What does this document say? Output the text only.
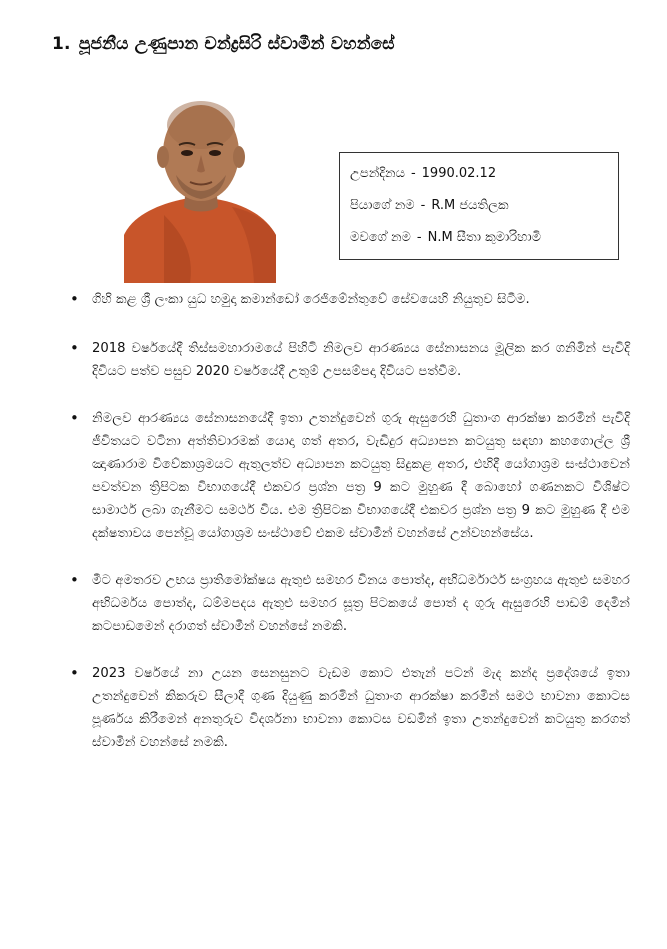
1. පූජනීය උණුපාන චන්ද්‍රසිරි ස්වාමීන් වහන්සේ
උපන්දිනය - 1990.02.12
පියාගේ නම - R.M ජයතිලක
මවගේ නම - N.M සීතා කුමාරිහාමි
• ගිහි කළ ශ්‍රී ලංකා යුධ හමුදා කමාන්ඩෝ රෙජිමේන්තුවේ සේවයෙහි නියුතුව සිටීම.
• 2018 වර්ෂයේදී තිස්සමහාරාමයේ පිහිටි නිමලව ආරණ්‍යය සේනාසනය මූලික කර ගනිමින් පැවිදි දිවියට පත්ව පසුව 2020 වර්ෂයේදී උතුම් උපසම්පදා දිවියට පත්වීම.
• නිමලව ආරණ්‍යය සේනාසනයේදී ඉතා උතන්දුවෙන් ගුරු ඇසුරෙහි ධුතාංග ආරක්ෂා කරමින් පැවිදි ජීවිතයට වටිනා අත්තිවාරමක් යොදා ගත් අතර, වැඩිදුර අධ්‍යාපන කටයුතු සඳහා කහගොල්ල ශ්‍රී ඤාණාරාම විවේකාශ්‍රමයට ඇතුලත්ව අධ්‍යාපන කටයුතු සිදුකළ අතර, එහිදී යෝගාශ්‍රම සංස්ථාවෙන් පවත්වන ත්‍රිපිටක විභාගයේදී එකවර ප්‍රශ්න පත්‍ර 9 කට මුහුණ දී බොහෝ ගණනකට විශිෂ්ට සාමාර්ථ ලබා ගැනීමට සමර්ථ විය. එම ත්‍රිපිටක විභාගයේදී එකවර ප්‍රශ්න පත්‍ර 9 කට මුහුණ දී එම දක්ෂතාවය පෙන්වූ යෝගාශ්‍රම සංස්ථාවේ එකම ස්වාමීන් වහන්සේ උන්වහන්සේය.
• මීට අමතරව උභය ප්‍රාතිමෝක්ෂය ඇතුළු සමහර විනය පොත්ද, අභිධර්මාර්ථ සංග්‍රහය ඇතුළු සමහර අභිධර්මය පොත්ද, ධම්මපදය ඇතුළු සමහර සූත්‍ර පිටකයේ පොත් ද ගුරු ඇසුරෙහි පාඩම් දෙමින් කටපාඩමෙන් දරාගත් ස්වාමීන් වහන්සේ නමකි.
• 2023 වර්ෂයේ නා උයන සෙනසුනට වැඩම කොට එතැන් පටන් මැද කන්ද ප්‍රදේශයේ ඉතා උතන්දුවෙන් කිකරුව සීලාදී ගුණ දියුණු කරමින් ධුතාංග ආරක්ෂා කරමින් සමථ භාවනා කොටස පූර්ණය කිරීමෙන් අනතුරුව විදර්ශනා භාවනා කොටස වඩමින් ඉතා උතන්දුවෙන් කටයුතු කරගත් ස්වාමීන් වහන්සේ නමකි.
